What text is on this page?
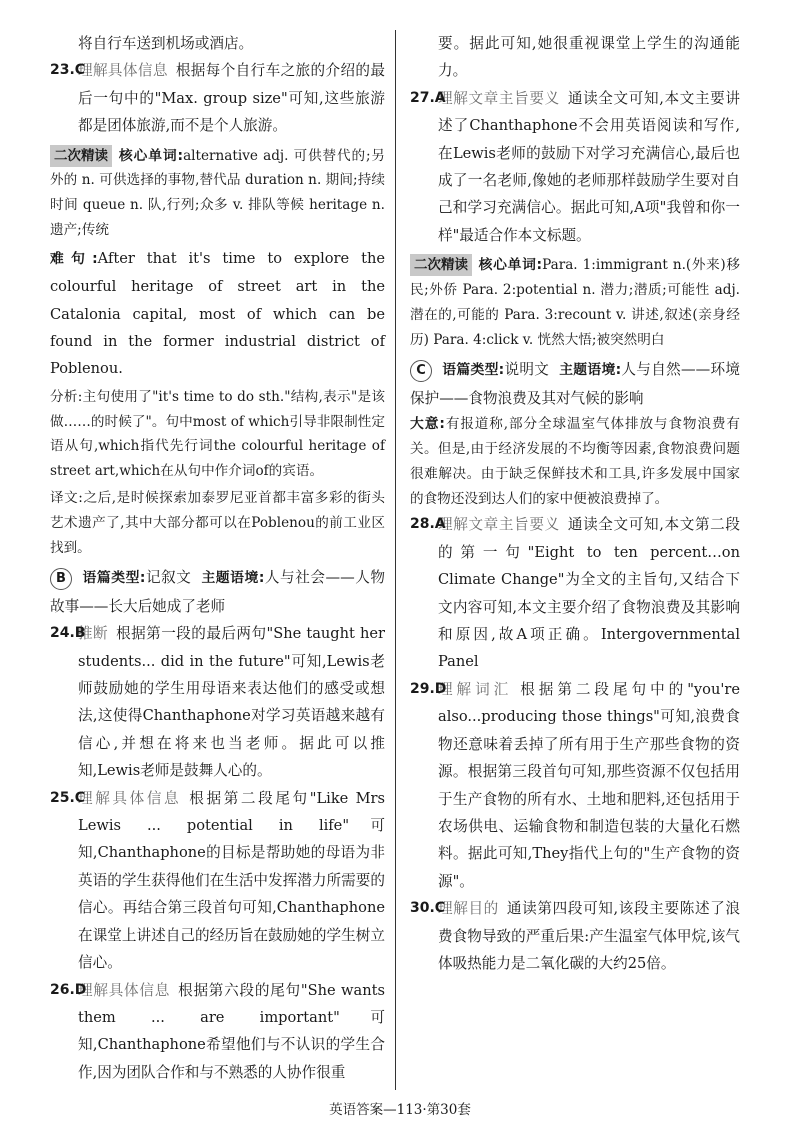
将自行车送到机场或酒店。

23.C
理解具体信息 根据每个自行车之旅的介绍的最后一句中的"Max. group size"可知,这些旅游都是团体旅游,而不是个人旅游。

二次精读 核心单词:alternative adj. 可供替代的;另外的 n. 可供选择的事物,替代品 duration n. 期间;持续时间 queue n. 队,行列;众多 v. 排队等候 heritage n. 遗产;传统

难句:After that it's time to explore the colourful heritage of street art in the Catalonia capital, most of which can be found in the former industrial district of Poblenou.

分析:主句使用了"it's time to do sth."结构,表示"是该做……的时候了"。句中most of which引导非限制性定语从句,which指代先行词the colourful heritage of street art,which在从句中作介词of的宾语。

译文:之后,是时候探索加泰罗尼亚首都丰富多彩的街头艺术遗产了,其中大部分都可以在Poblenou的前工业区找到。

B 语篇类型:记叙文 主题语境:人与社会——人物故事——长大后她成了老师
24.B
推断 根据第一段的最后两句"She taught her students... did in the future"可知,Lewis老师鼓励她的学生用母语来表达他们的感受或想法,这使得Chanthaphone对学习英语越来越有信心,并想在将来也当老师。据此可以推知,Lewis老师是鼓舞人心的。
25.C
理解具体信息 根据第二段尾句"Like Mrs Lewis ... potential in life"可知,Chanthaphone的目标是帮助她的母语为非英语的学生获得他们在生活中发挥潜力所需要的信心。再结合第三段首句可知,Chanthaphone在课堂上讲述自己的经历旨在鼓励她的学生树立信心。
26.D
理解具体信息 根据第六段的尾句"She wants them ... are important"可知,Chanthaphone希望他们与不认识的学生合作,因为团队合作和与不熟悉的人协作很重

要。据此可知,她很重视课堂上学生的沟通能力。

27.A
理解文章主旨要义 通读全文可知,本文主要讲述了Chanthaphone不会用英语阅读和写作,在Lewis老师的鼓励下对学习充满信心,最后也成了一名老师,像她的老师那样鼓励学生要对自己和学习充满信心。据此可知,A项"我曾和你一样"最适合作本文标题。

二次精读 核心单词:Para. 1:immigrant n.(外来)移民;外侨 Para. 2:potential n. 潜力;潜质;可能性 adj. 潜在的,可能的 Para. 3:recount v. 讲述,叙述(亲身经历) Para. 4:click v. 恍然大悟;被突然明白

C 语篇类型:说明文 主题语境:人与自然——环境保护——食物浪费及其对气候的影响

大意:有报道称,部分全球温室气体排放与食物浪费有关。但是,由于经济发展的不均衡等因素,食物浪费问题很难解决。由于缺乏保鲜技术和工具,许多发展中国家的食物还没到达人们的家中便被浪费掉了。

28.A
理解文章主旨要义 通读全文可知,本文第二段的第一句"Eight to ten percent…on Climate Change"为全文的主旨句,又结合下文内容可知,本文主要介绍了食物浪费及其影响和原因,故A项正确。Intergovernmental Panel
29.D
理解词汇 根据第二段尾句中的"you're also...producing those things"可知,浪费食物还意味着丢掉了所有用于生产那些食物的资源。根据第三段首句可知,那些资源不仅包括用于生产食物的所有水、土地和肥料,还包括用于农场供电、运输食物和制造包装的大量化石燃料。据此可知,They指代上句的"生产食物的资源"。
30.C
理解目的 通读第四段可知,该段主要陈述了浪费食物导致的严重后果:产生温室气体甲烷,该气体吸热能力是二氧化碳的大约25倍。
英语答案—113·第30套
